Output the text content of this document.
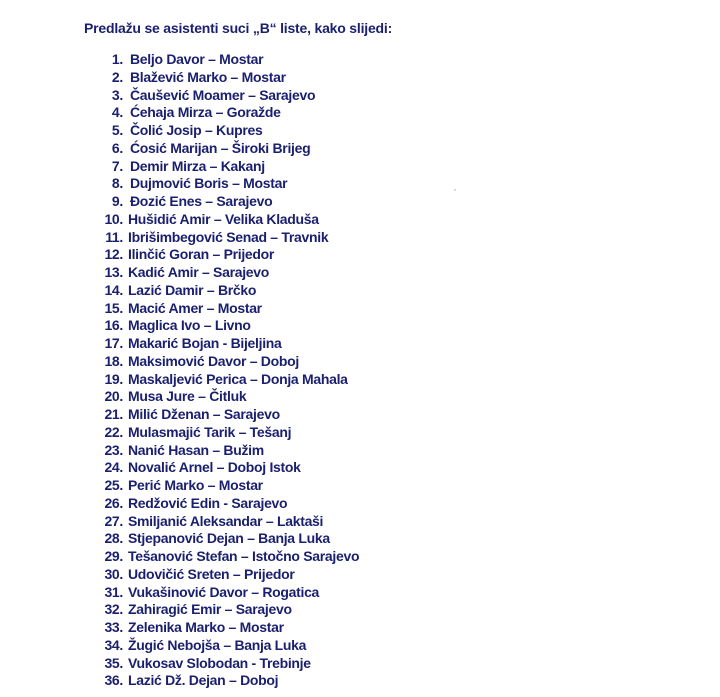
Predlažu se asistenti suci „B“ liste, kako slijedi:
1. Beljo Davor – Mostar
2. Blažević Marko – Mostar
3. Čaušević Moamer – Sarajevo
4. Ćehaja Mirza – Goražde
5. Čolić Josip – Kupres
6. Ćosić Marijan – Široki Brijeg
7. Demir Mirza – Kakanj
8. Dujmović Boris – Mostar
9. Đozić Enes – Sarajevo
10. Hušidić Amir – Velika Kladuša
11. Ibrišimbegović Senad – Travnik
12. Ilinčić Goran – Prijedor
13. Kadić Amir – Sarajevo
14. Lazić Damir – Brčko
15. Macić Amer – Mostar
16. Maglica Ivo – Livno
17. Makarić Bojan - Bijeljina
18. Maksimović Davor – Doboj
19. Maskaljević Perica – Donja Mahala
20. Musa Jure – Čitluk
21. Milić Dženan – Sarajevo
22. Mulasmajić Tarik – Tešanj
23. Nanić Hasan – Bužim
24. Novalić Arnel – Doboj Istok
25. Perić Marko – Mostar
26. Redžović Edin - Sarajevo
27. Smiljanić Aleksandar – Laktaši
28. Stjepanović Dejan – Banja Luka
29. Tešanović Stefan – Istočno Sarajevo
30. Udovičić Sreten – Prijedor
31. Vukašinović Davor – Rogatica
32. Zahiragić Emir – Sarajevo
33. Zelenika Marko – Mostar
34. Žugić Nebojša – Banja Luka
35. Vukosav Slobodan - Trebinje
36. Lazić Dž. Dejan – Doboj
